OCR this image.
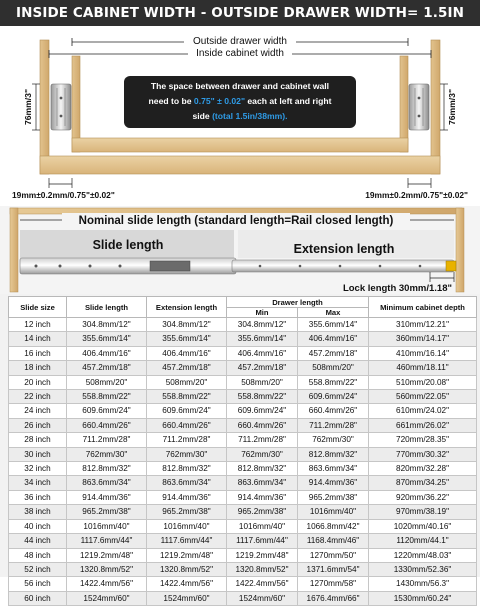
INSIDE CABINET WIDTH - OUTSIDE DRAWER WIDTH= 1.5IN
Outside drawer width
Inside cabinet width
The space between drawer and cabinet wall
need to be 0.75" ± 0.02" each at left and right
side (total 1.5in/38mm).
76mm/3"	76mm/3"
19mm±0.2mm/0.75"±0.02"	19mm±0.2mm/0.75"±0.02"
Nominal slide length (standard length=Rail closed length)
Slide length	Extension length
Lock length 30mm/1.18"
Slide size	Slide length	Extension length	Drawer length		Minimum cabinet depth
			Min	Max	
12 inch	304.8mm/12"	304.8mm/12"	304.8mm/12"	355.6mm/14"	310mm/12.21"
14 inch	355.6mm/14"	355.6mm/14"	355.6mm/14"	406.4mm/16"	360mm/14.17"
16 inch	406.4mm/16"	406.4mm/16"	406.4mm/16"	457.2mm/18"	410mm/16.14"
18 inch	457.2mm/18"	457.2mm/18"	457.2mm/18"	508mm/20"	460mm/18.11"
20 inch	508mm/20"	508mm/20"	508mm/20"	558.8mm/22"	510mm/20.08"
22 inch	558.8mm/22"	558.8mm/22"	558.8mm/22"	609.6mm/24"	560mm/22.05"
24 inch	609.6mm/24"	609.6mm/24"	609.6mm/24"	660.4mm/26"	610mm/24.02"
26 inch	660.4mm/26"	660.4mm/26"	660.4mm/26"	711.2mm/28"	661mm/26.02"
28 inch	711.2mm/28"	711.2mm/28"	711.2mm/28"	762mm/30"	720mm/28.35"
30 inch	762mm/30"	762mm/30"	762mm/30"	812.8mm/32"	770mm/30.32"
32 inch	812.8mm/32"	812.8mm/32"	812.8mm/32"	863.6mm/34"	820mm/32.28"
34 inch	863.6mm/34"	863.6mm/34"	863.6mm/34"	914.4mm/36"	870mm/34.25"
36 inch	914.4mm/36"	914.4mm/36"	914.4mm/36"	965.2mm/38"	920mm/36.22"
38 inch	965.2mm/38"	965.2mm/38"	965.2mm/38"	1016mm/40"	970mm/38.19"
40 inch	1016mm/40"	1016mm/40"	1016mm/40"	1066.8mm/42"	1020mm/40.16"
44 inch	1117.6mm/44"	1117.6mm/44"	1117.6mm/44"	1168.4mm/46"	1120mm/44.1"
48 inch	1219.2mm/48"	1219.2mm/48"	1219.2mm/48"	1270mm/50"	1220mm/48.03"
52 inch	1320.8mm/52"	1320.8mm/52"	1320.8mm/52"	1371.6mm/54"	1330mm/52.36"
56 inch	1422.4mm/56"	1422.4mm/56"	1422.4mm/56"	1270mm/58"	1430mm/56.3"
60 inch	1524mm/60"	1524mm/60"	1524mm/60"	1676.4mm/66"	1530mm/60.24"
